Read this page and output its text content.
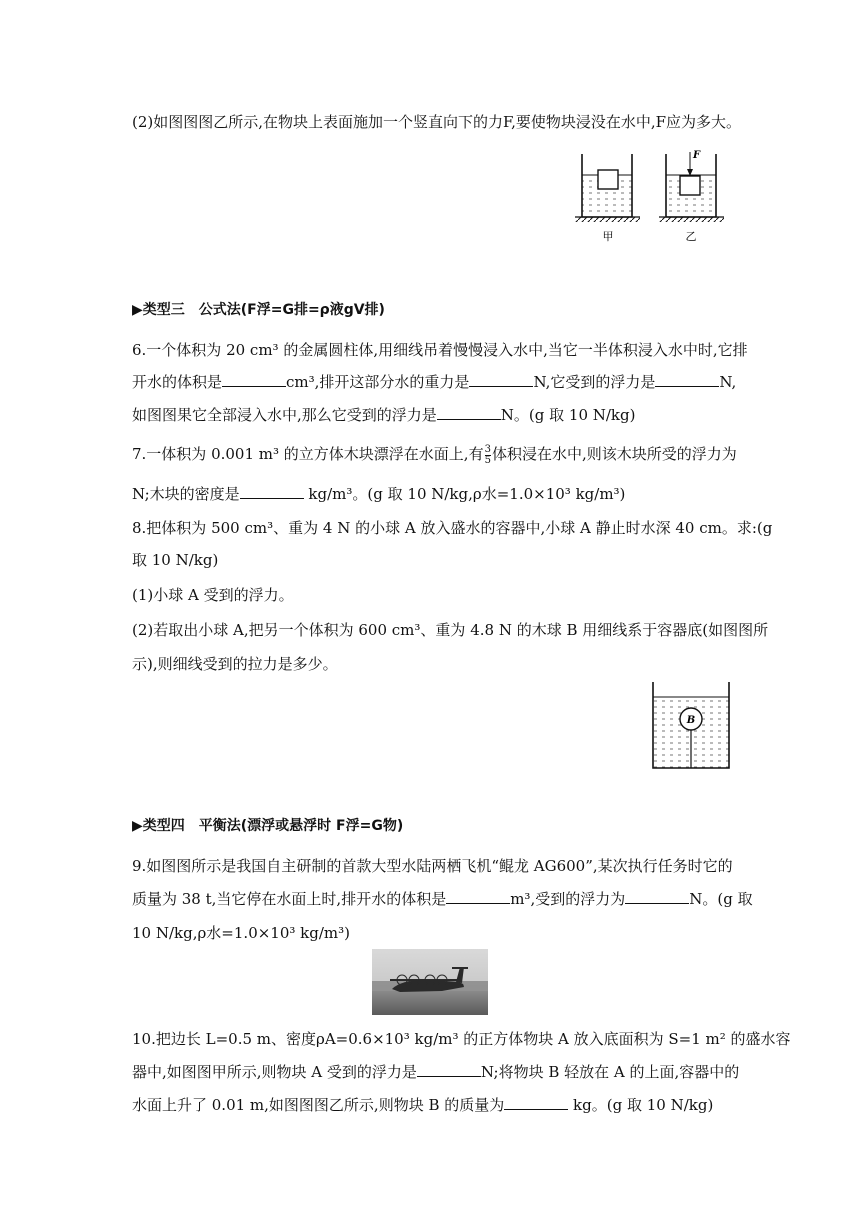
(2)如图图图乙所示,在物块上表面施加一个竖直向下的力F,要使物块浸没在水中,F应为多大。
甲
F
乙
▶类型三　公式法(F浮=G排=ρ液gV排)
6.一个体积为 20 cm³ 的金属圆柱体,用细线吊着慢慢浸入水中,当它一半体积浸入水中时,它排
开水的体积是	cm³,排开这部分水的重力是	N,它受到的浮力是	N,
如图图果它全部浸入水中,那么它受到的浮力是	N。(g 取 10 N/kg)
7.一体积为 0.001 m³ 的立方体木块漂浮在水面上,有 $\frac{3}{5}$ 体积浸在水中,则该木块所受的浮力为
N;木块的密度是	kg/m³。(g 取 10 N/kg,ρ水=1.0×10³ kg/m³)
8.把体积为 500 cm³、重为 4 N 的小球 A 放入盛水的容器中,小球 A 静止时水深 40 cm。求:(g
取 10 N/kg)
(1)小球 A 受到的浮力。
(2)若取出小球 A,把另一个体积为 600 cm³、重为 4.8 N 的木球 B 用细线系于容器底(如图图所
示),则细线受到的拉力是多少。
B
▶类型四　平衡法(漂浮或悬浮时 F浮=G物)
9.如图图所示是我国自主研制的首款大型水陆两栖飞机“鲲龙 AG600”,某次执行任务时它的
质量为 38 t,当它停在水面上时,排开水的体积是	m³,受到的浮力为	N。(g 取
10 N/kg,ρ水=1.0×10³ kg/m³)
10.把边长 L=0.5 m、密度ρA=0.6×10³ kg/m³ 的正方体物块 A 放入底面积为 S=1 m² 的盛水容
器中,如图图甲所示,则物块 A 受到的浮力是	N;将物块 B 轻放在 A 的上面,容器中的
水面上升了 0.01 m,如图图图乙所示,则物块 B 的质量为	kg。(g 取 10 N/kg)
